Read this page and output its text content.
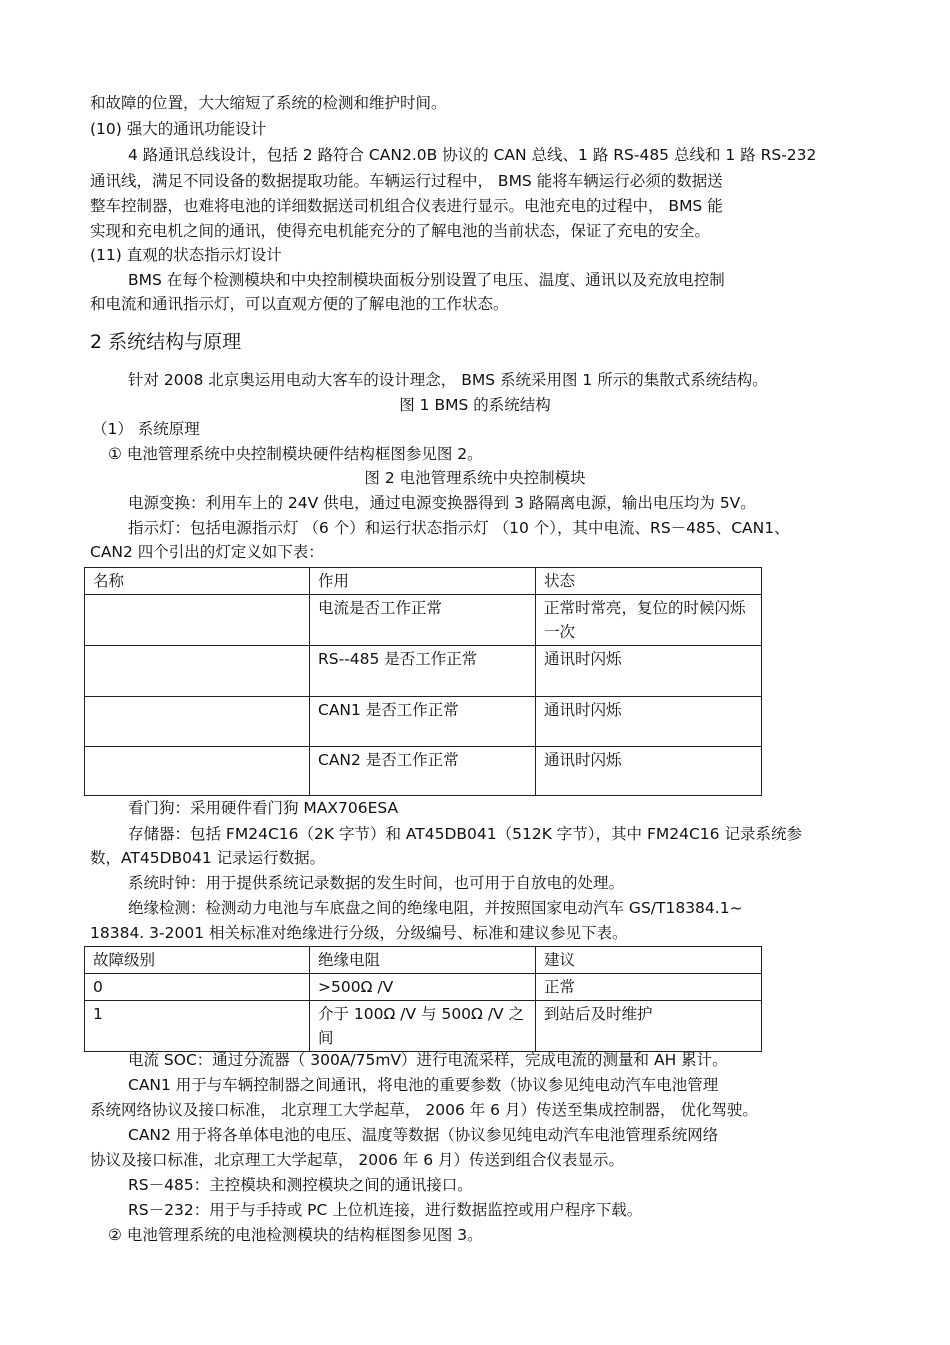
和故障的位置，大大缩短了系统的检测和维护时间。
(10) 强大的通讯功能设计
4 路通讯总线设计，包括 2 路符合 CAN2.0B 协议的 CAN 总线、1 路 RS-485 总线和 1 路 RS-232
通讯线，满足不同设备的数据提取功能。车辆运行过程中， BMS 能将车辆运行必须的数据送
整车控制器，也难将电池的详细数据送司机组合仪表进行显示。电池充电的过程中， BMS 能
实现和充电机之间的通讯，使得充电机能充分的了解电池的当前状态，保证了充电的安全。
(11) 直观的状态指示灯设计
BMS 在每个检测模块和中央控制模块面板分别设置了电压、温度、通讯以及充放电控制
和电流和通讯指示灯，可以直观方便的了解电池的工作状态。
2 系统结构与原理
针对 2008 北京奥运用电动大客车的设计理念， BMS 系统采用图 1 所示的集散式系统结构。
图 1 BMS 的系统结构
（1） 系统原理
① 电池管理系统中央控制模块硬件结构框图参见图 2。
图 2 电池管理系统中央控制模块
电源变换：利用车上的 24V 供电，通过电源变换器得到 3 路隔离电源，输出电压均为 5V。
指示灯：包括电源指示灯 （6 个）和运行状态指示灯 （10 个），其中电流、RS－485、CAN1、
CAN2 四个引出的灯定义如下表：
名称	作用	状态
	电流是否工作正常	正常时常亮，复位的时候闪烁一次
	RS--485 是否工作正常	通讯时闪烁
	CAN1 是否工作正常	通讯时闪烁
	CAN2 是否工作正常	通讯时闪烁
看门狗：采用硬件看门狗 MAX706ESA
存储器：包括 FM24C16（2K 字节）和 AT45DB041（512K 字节），其中 FM24C16 记录系统参
数，AT45DB041 记录运行数据。
系统时钟：用于提供系统记录数据的发生时间，也可用于自放电的处理。
绝缘检测：检测动力电池与车底盘之间的绝缘电阻，并按照国家电动汽车 GS/T18384.1~
18384. 3-2001 相关标准对绝缘进行分级，分级编号、标准和建议参见下表。
故障级别	绝缘电阻	建议
0	>500Ω /V	正常
1	介于 100Ω /V 与 500Ω /V 之间	到站后及时维护
电流 SOC：通过分流器（ 300A/75mV）进行电流采样，完成电流的测量和 AH 累计。
CAN1 用于与车辆控制器之间通讯，将电池的重要参数（协议参见纯电动汽车电池管理
系统网络协议及接口标准， 北京理工大学起草， 2006 年 6 月）传送至集成控制器， 优化驾驶。
CAN2 用于将各单体电池的电压、温度等数据（协议参见纯电动汽车电池管理系统网络
协议及接口标准，北京理工大学起草， 2006 年 6 月）传送到组合仪表显示。
RS－485：主控模块和测控模块之间的通讯接口。
RS－232：用于与手持或 PC 上位机连接，进行数据监控或用户程序下载。
② 电池管理系统的电池检测模块的结构框图参见图 3。
